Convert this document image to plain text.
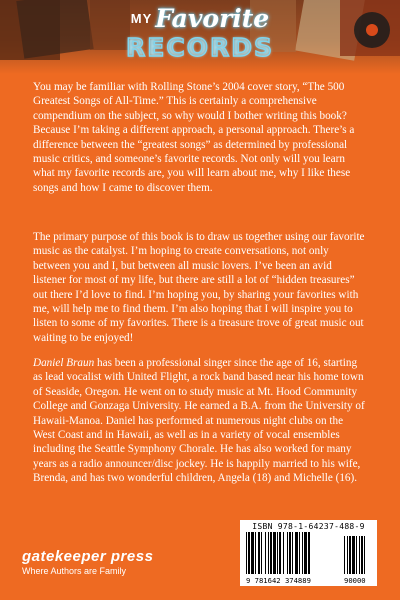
MY Favorite
RECORDS

You may be familiar with Rolling Stone’s 2004 cover story, “The 500 Greatest Songs of All-Time.” This is certainly a comprehensive compendium on the subject, so why would I bother writing this book? Because I’m taking a different approach, a personal approach. There’s a difference between the “greatest songs” as determined by professional music critics, and someone’s favorite records. Not only will you learn what my favorite records are, you will learn about me, why I like these songs and how I came to discover them.

The primary purpose of this book is to draw us together using our favorite music as the catalyst. I’m hoping to create conversations, not only between you and I, but between all music lovers. I’ve been an avid listener for most of my life, but there are still a lot of “hidden treasures” out there I’d love to find. I’m hoping you, by sharing your favorites with me, will help me to find them. I’m also hoping that I will inspire you to listen to some of my favorites. There is a treasure trove of great music out waiting to be enjoyed!

Daniel Braun has been a professional singer since the age of 16, starting as lead vocalist with United Flight, a rock band based near his home town of Seaside, Oregon. He went on to study music at Mt. Hood Community College and Gonzaga University. He earned a B.A. from the University of Hawaii-Manoa. Daniel has performed at numerous night clubs on the West Coast and in Hawaii, as well as in a variety of vocal ensembles including the Seattle Symphony Chorale. He has also worked for many years as a radio announcer/disc jockey. He is happily married to his wife, Brenda, and has two wonderful children, Angela (18) and Michelle (16).

gatekeeper press
Where Authors are Family
ISBN 978-1-64237-488-9
9 781642 374889	90000
